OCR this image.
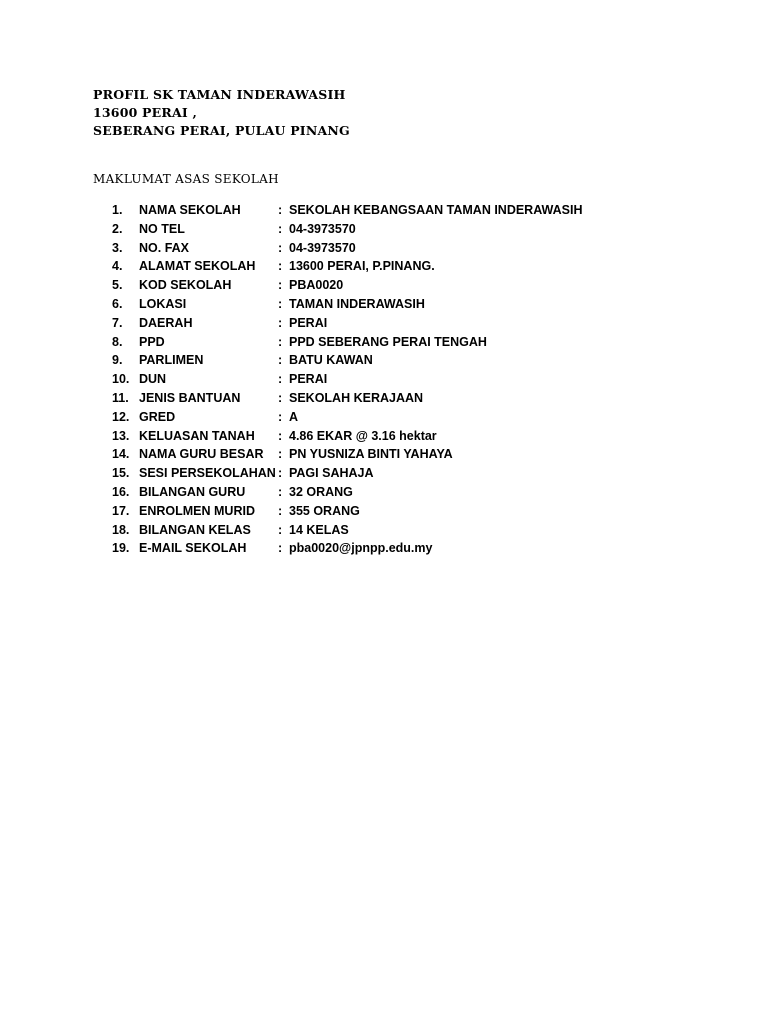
PROFIL SK TAMAN INDERAWASIH
13600 PERAI ,
SEBERANG PERAI, PULAU PINANG
MAKLUMAT ASAS SEKOLAH
1. NAMA SEKOLAH	: SEKOLAH KEBANGSAAN TAMAN INDERAWASIH
2. NO TEL	: 04-3973570
3. NO. FAX	: 04-3973570
4. ALAMAT SEKOLAH : 13600 PERAI, P.PINANG.
5. KOD SEKOLAH	: PBA0020
6. LOKASI	: TAMAN INDERAWASIH
7. DAERAH	: PERAI
8. PPD	: PPD SEBERANG PERAI TENGAH
9. PARLIMEN	: BATU KAWAN
10. DUN	: PERAI
11. JENIS BANTUAN	: SEKOLAH KERAJAAN
12. GRED	: A
13. KELUASAN TANAH : 4.86 EKAR @ 3.16 hektar
14. NAMA GURU BESAR : PN YUSNIZA BINTI YAHAYA
15. SESI PERSEKOLAHAN : PAGI SAHAJA
16. BILANGAN GURU	: 32 ORANG
17. ENROLMEN MURID : 355 ORANG
18. BILANGAN KELAS : 14 KELAS
19. E-MAIL SEKOLAH	: pba0020@jpnpp.edu.my
